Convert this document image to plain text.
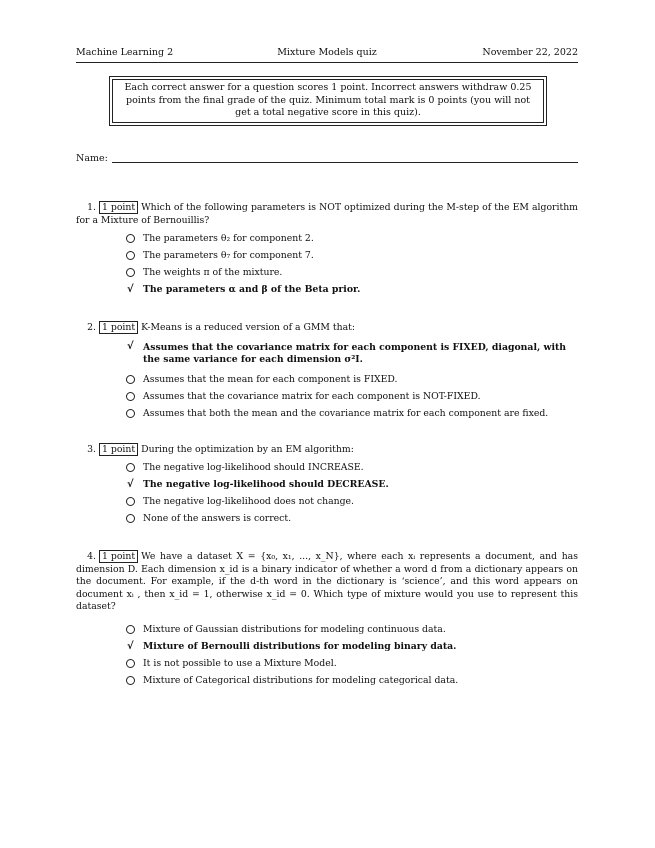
Machine Learning 2	Mixture Models quiz	November 22, 2022
Each correct answer for a question scores 1 point. Incorrect answers withdraw 0.25 points from the final grade of the quiz. Minimum total mark is 0 points (you will not get a total negative score in this quiz).
Name:
1. 1 point Which of the following parameters is NOT optimized during the M-step of the EM algorithm for a Mixture of Bernouillis?
The parameters θ₂ for component 2.
The parameters θ₇ for component 7.
The weights π of the mixture.
√ The parameters α and β of the Beta prior.
2. 1 point K-Means is a reduced version of a GMM that:
√ Assumes that the covariance matrix for each component is FIXED, diagonal, with the same variance for each dimension σ²I.
Assumes that the mean for each component is FIXED.
Assumes that the covariance matrix for each component is NOT-FIXED.
Assumes that both the mean and the covariance matrix for each component are fixed.
3. 1 point During the optimization by an EM algorithm:
The negative log-likelihood should INCREASE.
√ The negative log-likelihood should DECREASE.
The negative log-likelihood does not change.
None of the answers is correct.
4. 1 point We have a dataset X = {x₀, x₁, ..., x_N}, where each xᵢ represents a document, and has dimension D. Each dimension x_id is a binary indicator of whether a word d from a dictionary appears on the document. For example, if the d-th word in the dictionary is ‘science’, and this word appears on document xᵢ , then x_id = 1, otherwise x_id = 0. Which type of mixture would you use to represent this dataset?
Mixture of Gaussian distributions for modeling continuous data.
√ Mixture of Bernoulli distributions for modeling binary data.
It is not possible to use a Mixture Model.
Mixture of Categorical distributions for modeling categorical data.
